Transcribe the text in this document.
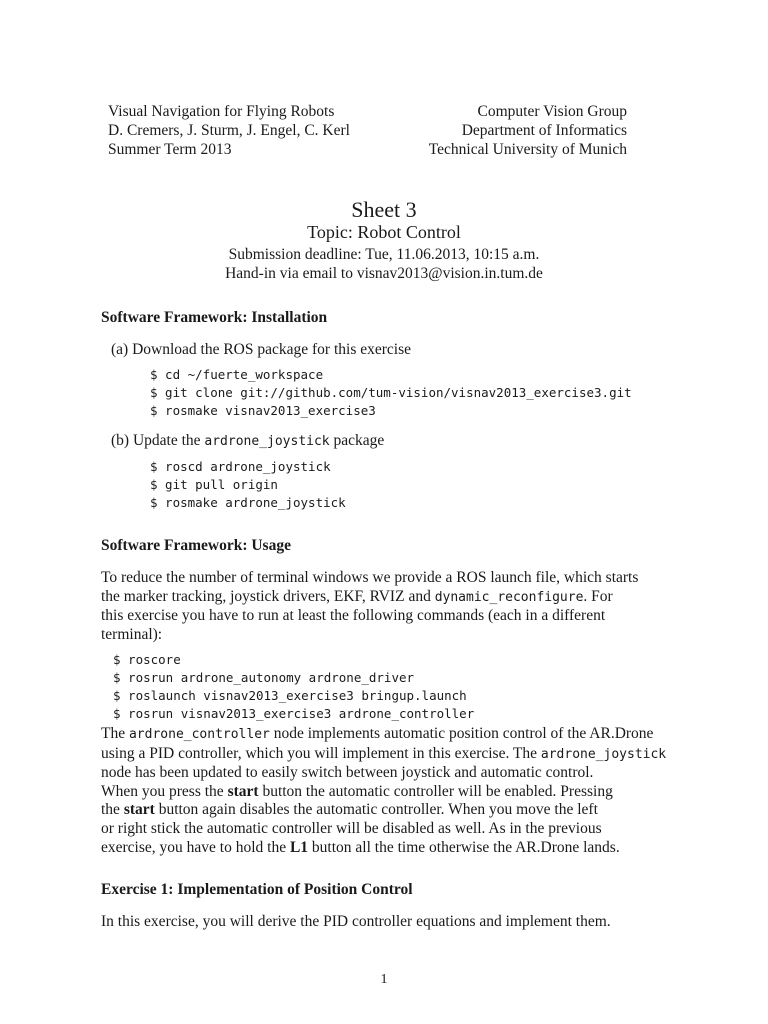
Visual Navigation for Flying Robots
D. Cremers, J. Sturm, J. Engel, C. Kerl
Summer Term 2013
Computer Vision Group
Department of Informatics
Technical University of Munich
Sheet 3
Topic: Robot Control
Submission deadline: Tue, 11.06.2013, 10:15 a.m.
Hand-in via email to visnav2013@vision.in.tum.de
Software Framework: Installation
(a) Download the ROS package for this exercise
$ cd ~/fuerte_workspace
$ git clone git://github.com/tum-vision/visnav2013_exercise3.git
$ rosmake visnav2013_exercise3
(b) Update the ardrone_joystick package
$ roscd ardrone_joystick
$ git pull origin
$ rosmake ardrone_joystick
Software Framework: Usage
To reduce the number of terminal windows we provide a ROS launch file, which starts
the marker tracking, joystick drivers, EKF, RVIZ and dynamic_reconfigure. For
this exercise you have to run at least the following commands (each in a different
terminal):
$ roscore
$ rosrun ardrone_autonomy ardrone_driver
$ roslaunch visnav2013_exercise3 bringup.launch
$ rosrun visnav2013_exercise3 ardrone_controller
The ardrone_controller node implements automatic position control of the AR.Drone
using a PID controller, which you will implement in this exercise. The ardrone_joystick
node has been updated to easily switch between joystick and automatic control.
When you press the start button the automatic controller will be enabled. Pressing
the start button again disables the automatic controller. When you move the left
or right stick the automatic controller will be disabled as well. As in the previous
exercise, you have to hold the L1 button all the time otherwise the AR.Drone lands.
Exercise 1: Implementation of Position Control
In this exercise, you will derive the PID controller equations and implement them.
1
